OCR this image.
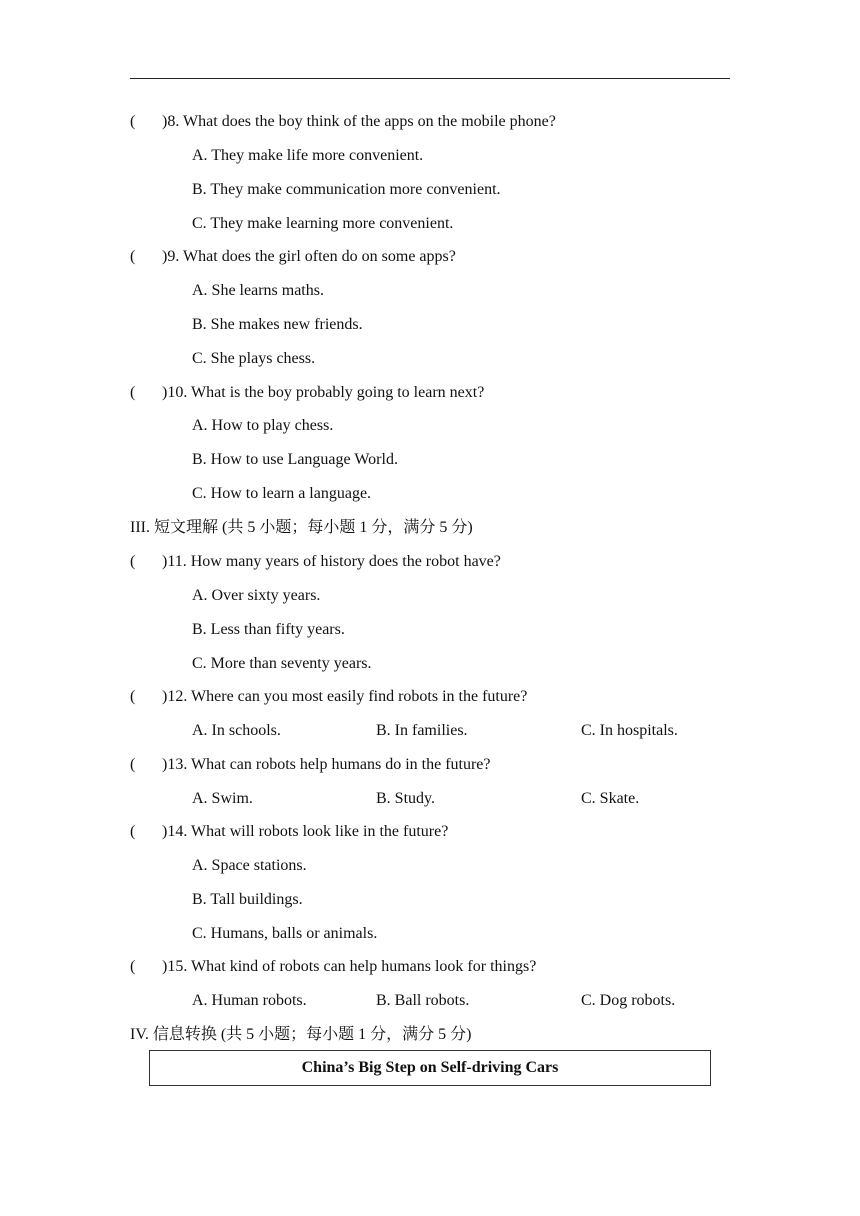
( )8. What does the boy think of the apps on the mobile phone?
A. They make life more convenient.
B. They make communication more convenient.
C. They make learning more convenient.
( )9. What does the girl often do on some apps?
A. She learns maths.
B. She makes new friends.
C. She plays chess.
( )10. What is the boy probably going to learn next?
A. How to play chess.
B. How to use Language World.
C. How to learn a language.
III. 短文理解 (共 5 小题；每小题 1 分，满分 5 分)
( )11. How many years of history does the robot have?
A. Over sixty years.
B. Less than fifty years.
C. More than seventy years.
( )12. Where can you most easily find robots in the future?
A. In schools.	B. In families.	C. In hospitals.
( )13. What can robots help humans do in the future?
A. Swim.	B. Study.	C. Skate.
( )14. What will robots look like in the future?
A. Space stations.
B. Tall buildings.
C. Humans, balls or animals.
( )15. What kind of robots can help humans look for things?
A. Human robots.	B. Ball robots.	C. Dog robots.
IV. 信息转换 (共 5 小题；每小题 1 分，满分 5 分)
China’s Big Step on Self-driving Cars
